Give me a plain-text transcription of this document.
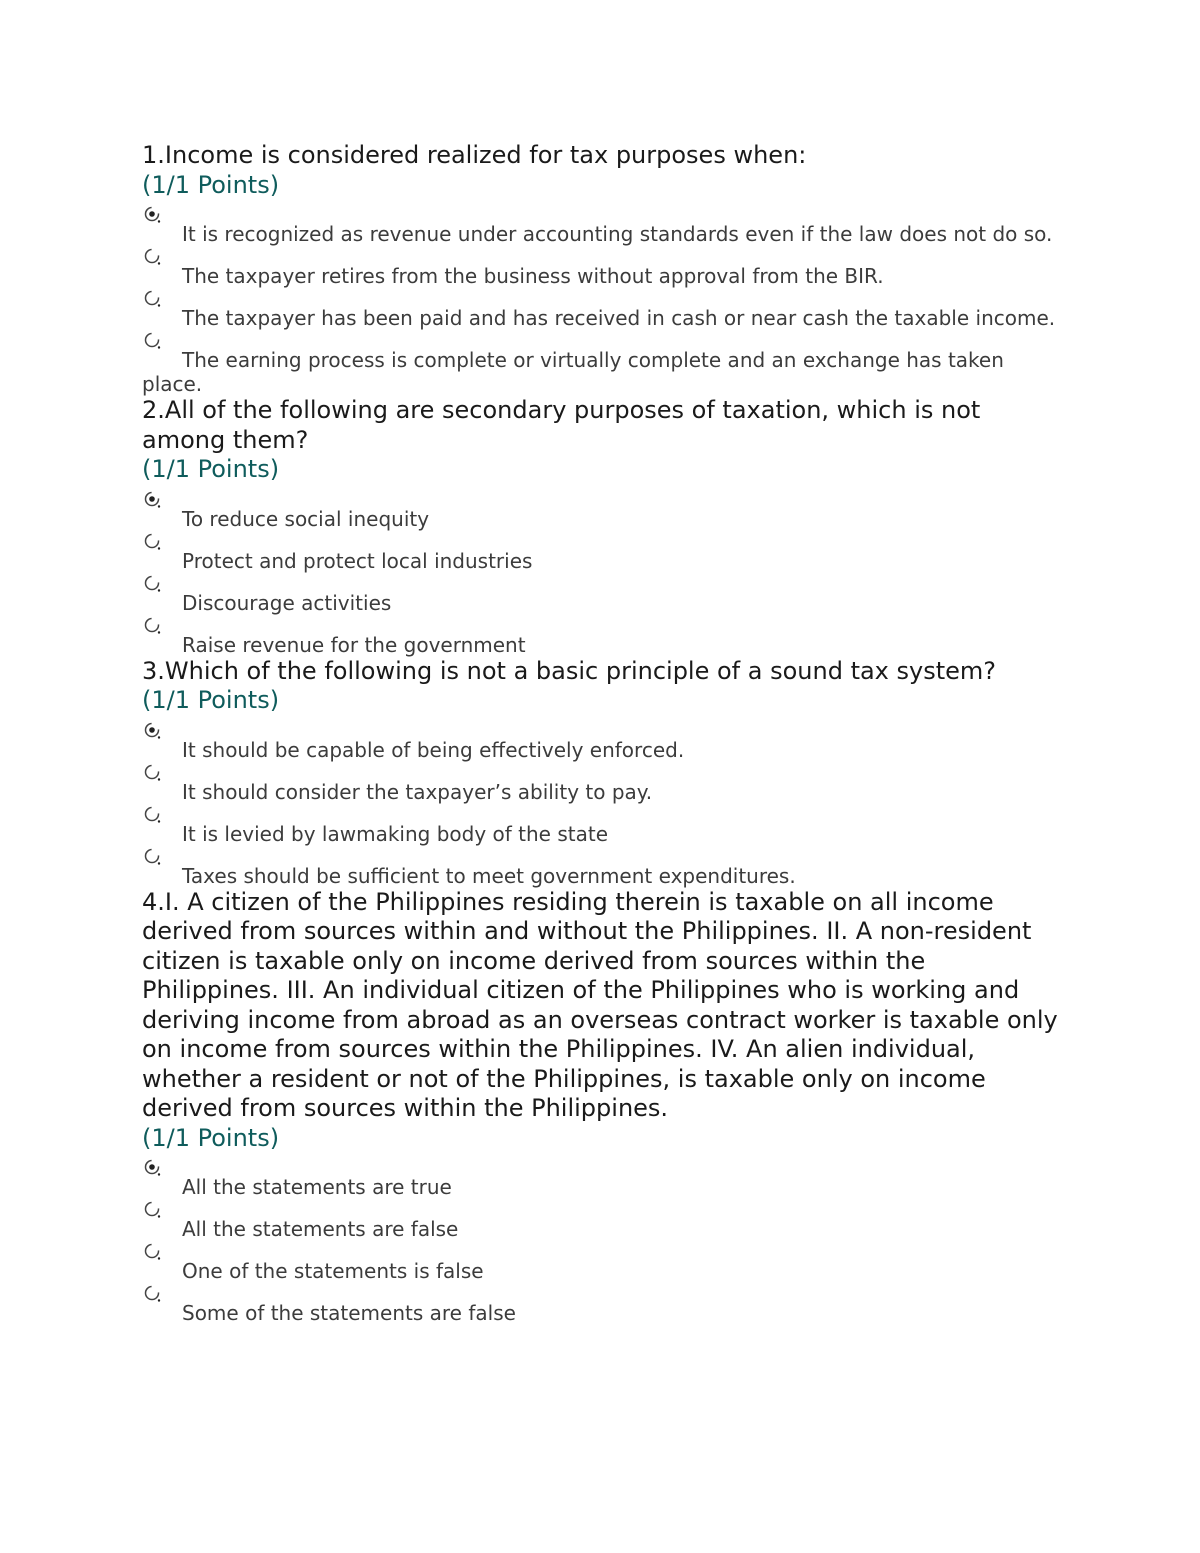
1.Income is considered realized for tax purposes when:

(1/1 Points)
It is recognized as revenue under accounting standards even if the law does not do so.
The taxpayer retires from the business without approval from the BIR.
The taxpayer has been paid and has received in cash or near cash the taxable income.
The earning process is complete or virtually complete and an exchange has taken place.

2.All of the following are secondary purposes of taxation, which is not among them?

(1/1 Points)
To reduce social inequity
Protect and protect local industries
Discourage activities
Raise revenue for the government

3.Which of the following is not a basic principle of a sound tax system?

(1/1 Points)
It should be capable of being effectively enforced.
It should consider the taxpayer’s ability to pay.
It is levied by lawmaking body of the state
Taxes should be sufficient to meet government expenditures.

4.I. A citizen of the Philippines residing therein is taxable on all income derived from sources within and without the Philippines. II. A non-resident citizen is taxable only on income derived from sources within the Philippines. III. An individual citizen of the Philippines who is working and deriving income from abroad as an overseas contract worker is taxable only on income from sources within the Philippines. IV. An alien individual, whether a resident or not of the Philippines, is taxable only on income derived from sources within the Philippines.

(1/1 Points)
All the statements are true
All the statements are false
One of the statements is false
Some of the statements are false
